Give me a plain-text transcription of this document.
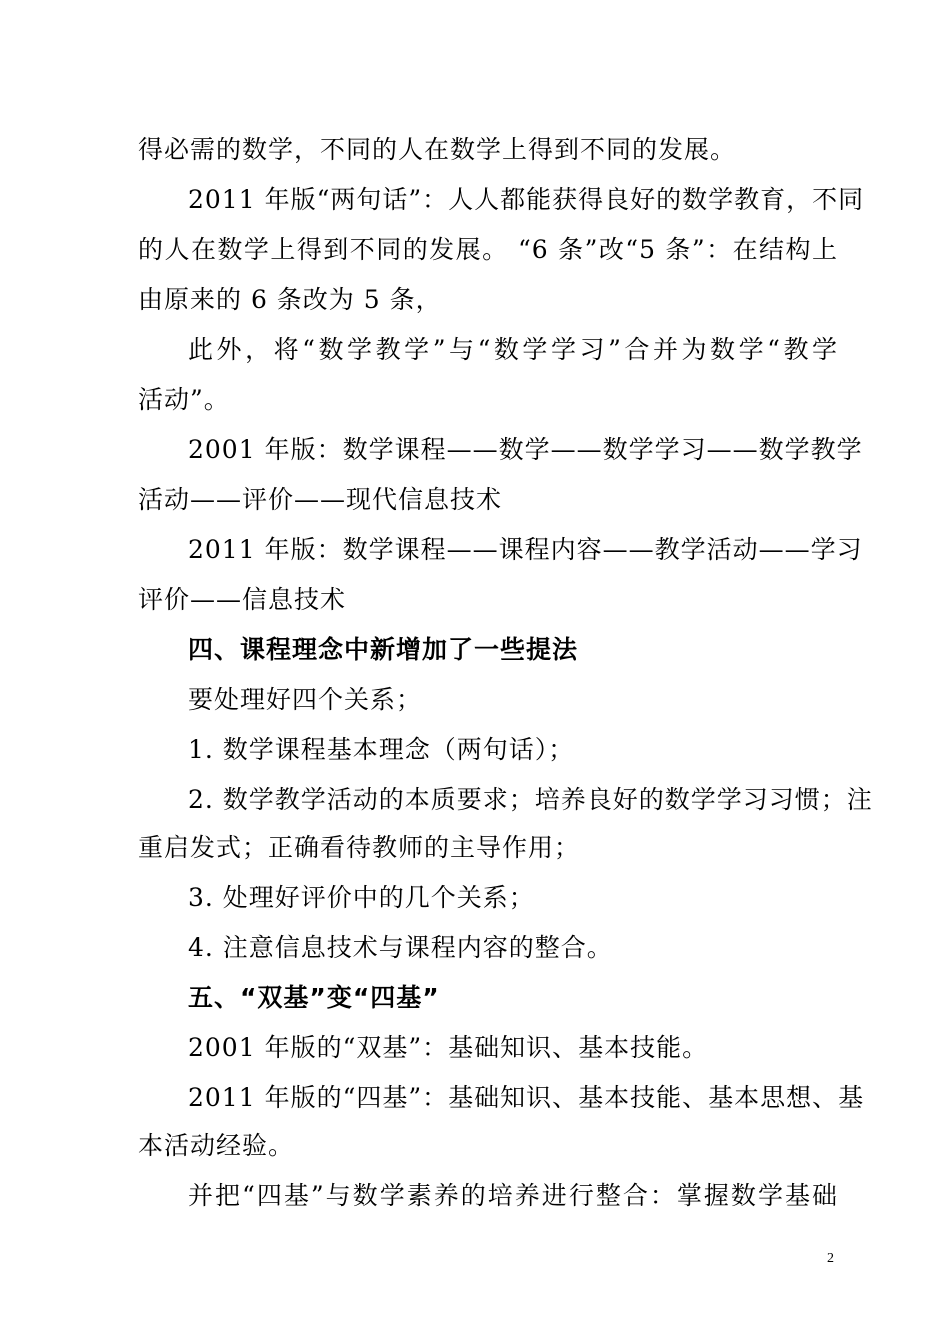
得必需的数学，不同的人在数学上得到不同的发展。
2011 年版“两句话”：人人都能获得良好的数学教育，不同
的人在数学上得到不同的发展。 “6 条”改“5 条”：在结构上
由原来的 6 条改为 5 条，
此外，将“数学教学”与“数学学习”合并为数学“教学
活动”。
2001 年版：数学课程——数学——数学学习——数学教学
活动——评价——现代信息技术
2011 年版：数学课程——课程内容——教学活动——学习
评价——信息技术
四、课程理念中新增加了一些提法
要处理好四个关系；
1. 数学课程基本理念（两句话）；
2. 数学教学活动的本质要求；培养良好的数学学习习惯；注
重启发式；正确看待教师的主导作用；
3. 处理好评价中的几个关系；
4. 注意信息技术与课程内容的整合。
五、“双基”变“四基”
2001 年版的“双基”：基础知识、基本技能。
2011 年版的“四基”：基础知识、基本技能、基本思想、基
本活动经验。
并把“四基”与数学素养的培养进行整合：掌握数学基础
2
